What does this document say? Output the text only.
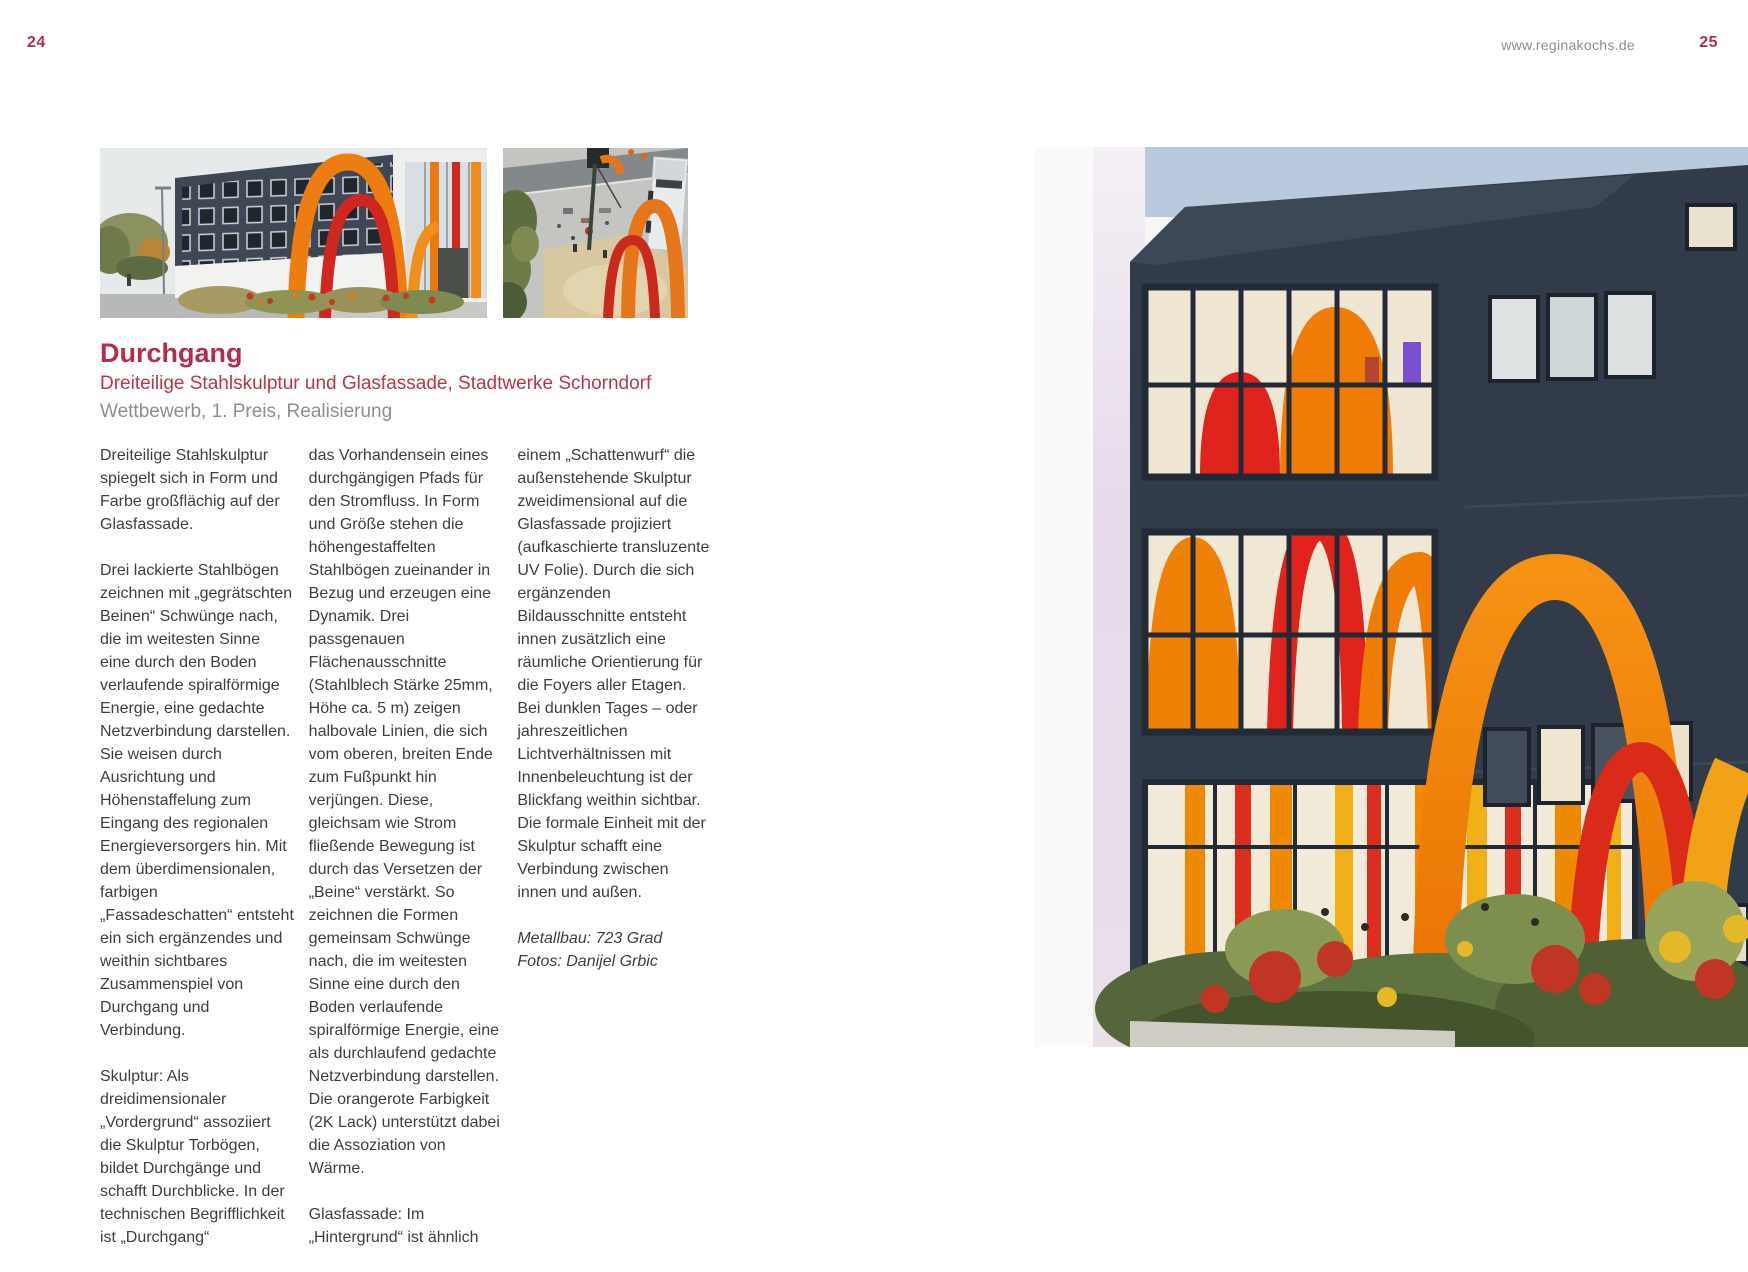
24	www.reginakochs.de	25
Durchgang
Dreiteilige Stahlskulptur und Glasfassade, Stadtwerke Schorndorf
Wettbewerb, 1. Preis, Realisierung

Dreiteilige Stahlskulptur spiegelt sich in Form und Farbe großflächig auf der Glasfassade.

Drei lackierte Stahlbögen zeichnen mit „gegrätschten Beinen“ Schwünge nach, die im weitesten Sinne eine durch den Boden verlaufende spiralförmige Energie, eine gedachte Netzverbindung darstellen. Sie weisen durch Ausrichtung und Höhenstaffelung zum Eingang des regionalen Energieversorgers hin. Mit dem überdimensionalen, farbigen „Fassadeschatten“ entsteht ein sich ergänzendes und weithin sichtbares Zusammenspiel von Durchgang und Verbindung.

Skulptur: Als dreidimensionaler „Vordergrund“ assoziiert die Skulptur Torbögen, bildet Durchgänge und schafft Durchblicke. In der technischen Begrifflichkeit ist „Durchgang“

das Vorhandensein eines durchgängigen Pfads für den Stromfluss. In Form und Größe stehen die höhengestaffelten Stahlbögen zueinander in Bezug und erzeugen eine Dynamik. Drei passgenauen Flächenausschnitte (Stahlblech Stärke 25mm, Höhe ca. 5 m) zeigen halbovale Linien, die sich vom oberen, breiten Ende zum Fußpunkt hin verjüngen. Diese, gleichsam wie Strom fließende Bewegung ist durch das Versetzen der „Beine“ verstärkt. So zeichnen die Formen gemeinsam Schwünge nach, die im weitesten Sinne eine durch den Boden verlaufende spiralförmige Energie, eine als durchlaufend gedachte Netzverbindung darstellen. Die orangerote Farbigkeit (2K Lack) unterstützt dabei die Assoziation von Wärme.

Glasfassade: Im „Hintergrund“ ist ähnlich

einem „Schattenwurf“ die außenstehende Skulptur zweidimensional auf die Glasfassade projiziert (aufkaschierte transluzente UV Folie). Durch die sich ergänzenden Bildausschnitte entsteht innen zusätzlich eine räumliche Orientierung für die Foyers aller Etagen. Bei dunklen Tages – oder jahreszeitlichen Lichtverhältnissen mit Innenbeleuchtung ist der Blickfang weithin sichtbar. Die formale Einheit mit der Skulptur schafft eine Verbindung zwischen innen und außen.

Metallbau: 723 Grad
Fotos: Danijel Grbic
